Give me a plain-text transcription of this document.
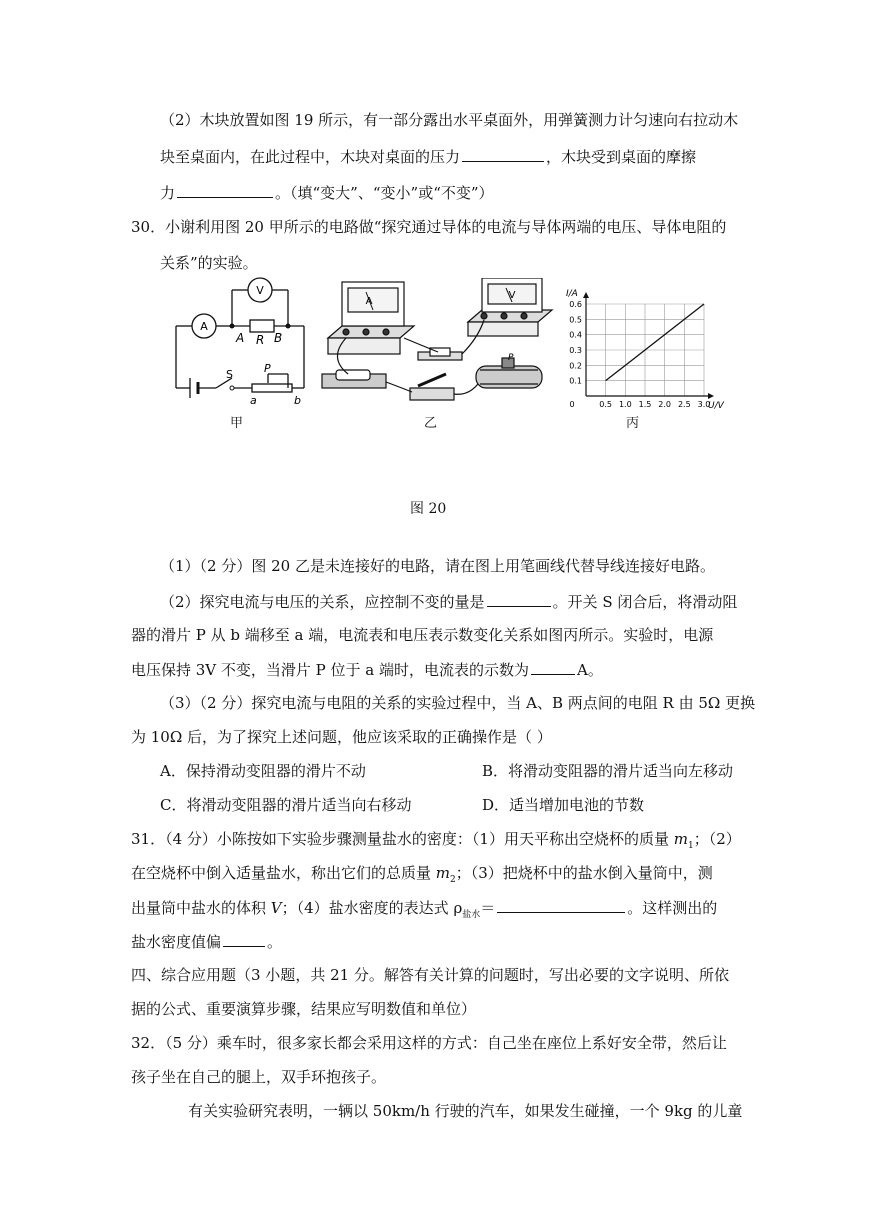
（2）木块放置如图 19 所示，有一部分露出水平桌面外，用弹簧测力计匀速向右拉动木
块至桌面内，在此过程中，木块对桌面的压力	，木块受到桌面的摩擦
力	。（填“变大”、“变小”或“不变”）
30．小谢利用图 20 甲所示的电路做“探究通过导体的电流与导体两端的电压、导体电阻的
关系”的实验。
A
V
A R B
S	P
a	b
甲
A
V
P
乙
0	0.5 1.0 1.5 2.0 2.5 3.0
0.1
0.2
0.3
0.4
0.5
0.6
I/A
U/V
丙
图 20
（1）（2 分）图 20 乙是未连接好的电路，请在图上用笔画线代替导线连接好电路。
（2）探究电流与电压的关系，应控制不变的量是	。开关 S 闭合后，将滑动阻
器的滑片 P 从 b 端移至 a 端，电流表和电压表示数变化关系如图丙所示。实验时，电源
电压保持 3V 不变，当滑片 P 位于 a 端时，电流表的示数为	A。
（3）（2 分）探究电流与电阻的关系的实验过程中，当 A、B 两点间的电阻 R 由 5Ω 更换
为 10Ω 后，为了探究上述问题，他应该采取的正确操作是（ ）
A．保持滑动变阻器的滑片不动	B．将滑动变阻器的滑片适当向左移动
C．将滑动变阻器的滑片适当向右移动	D．适当增加电池的节数
31．（4 分）小陈按如下实验步骤测量盐水的密度：（1）用天平称出空烧杯的质量 $m_1$；（2）
在空烧杯中倒入适量盐水，称出它们的总质量 $m_2$；（3）把烧杯中的盐水倒入量筒中，测
出量筒中盐水的体积 V；（4）盐水密度的表达式 $\rho_{盐水}=$	。这样测出的
盐水密度值偏	。
四、综合应用题（3 小题，共 21 分。解答有关计算的问题时，写出必要的文字说明、所依
据的公式、重要演算步骤，结果应写明数值和单位）
32．（5 分）乘车时，很多家长都会采用这样的方式：自己坐在座位上系好安全带，然后让
孩子坐在自己的腿上，双手环抱孩子。
有关实验研究表明，一辆以 50km/h 行驶的汽车，如果发生碰撞，一个 9kg 的儿童
